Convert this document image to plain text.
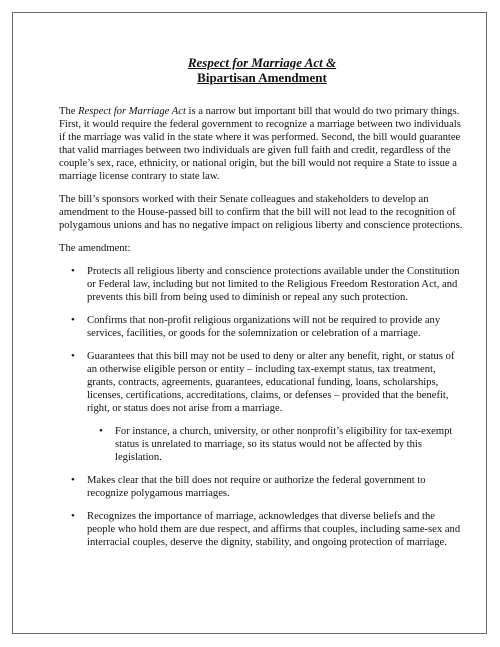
Respect for Marriage Act &
Bipartisan Amendment

The Respect for Marriage Act is a narrow but important bill that would do two primary things. First, it would require the federal government to recognize a marriage between two individuals if the marriage was valid in the state where it was performed. Second, the bill would guarantee that valid marriages between two individuals are given full faith and credit, regardless of the couple’s sex, race, ethnicity, or national origin, but the bill would not require a State to issue a marriage license contrary to state law.

The bill’s sponsors worked with their Senate colleagues and stakeholders to develop an amendment to the House-passed bill to confirm that the bill will not lead to the recognition of polygamous unions and has no negative impact on religious liberty and conscience protections.

The amendment:

• Protects all religious liberty and conscience protections available under the Constitution or Federal law, including but not limited to the Religious Freedom Restoration Act, and prevents this bill from being used to diminish or repeal any such protection.
• Confirms that non-profit religious organizations will not be required to provide any services, facilities, or goods for the solemnization or celebration of a marriage.
• Guarantees that this bill may not be used to deny or alter any benefit, right, or status of an otherwise eligible person or entity – including tax-exempt status, tax treatment, grants, contracts, agreements, guarantees, educational funding, loans, scholarships, licenses, certifications, accreditations, claims, or defenses – provided that the benefit, right, or status does not arise from a marriage.
• For instance, a church, university, or other nonprofit’s eligibility for tax-exempt status is unrelated to marriage, so its status would not be affected by this legislation.
• Makes clear that the bill does not require or authorize the federal government to recognize polygamous marriages.
• Recognizes the importance of marriage, acknowledges that diverse beliefs and the people who hold them are due respect, and affirms that couples, including same-sex and interracial couples, deserve the dignity, stability, and ongoing protection of marriage.
